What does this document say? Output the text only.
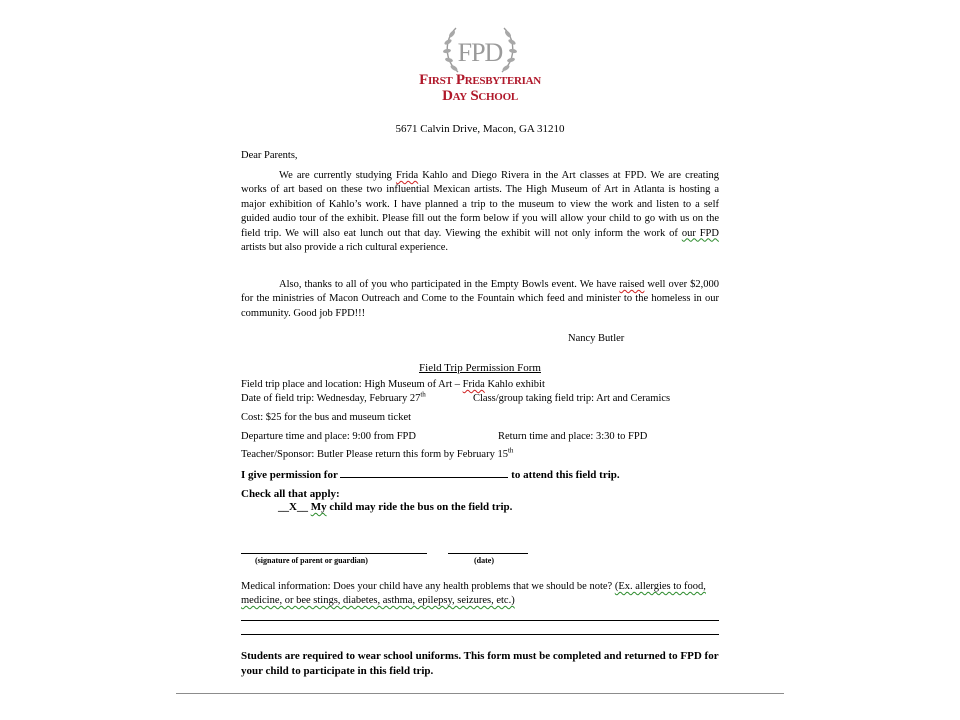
FPD
First Presbyterian
Day School
5671 Calvin Drive, Macon, GA 31210
Dear Parents,
We are currently studying Frida Kahlo and Diego Rivera in the Art classes at FPD. We are creating works of art based on these two influential Mexican artists. The High Museum of Art in Atlanta is hosting a major exhibition of Kahlo’s work. I have planned a trip to the museum to view the work and listen to a self guided audio tour of the exhibit. Please fill out the form below if you will allow your child to go with us on the field trip. We will also eat lunch out that day. Viewing the exhibit will not only inform the work of our FPD artists but also provide a rich cultural experience.
Also, thanks to all of you who participated in the Empty Bowls event. We have raised well over $2,000 for the ministries of Macon Outreach and Come to the Fountain which feed and minister to the homeless in our community. Good job FPD!!!
Nancy Butler
Field Trip Permission Form
Field trip place and location: High Museum of Art – Frida Kahlo exhibit
Date of field trip: Wednesday, February 27th	Class/group taking field trip: Art and Ceramics
Cost: $25 for the bus and museum ticket
Departure time and place: 9:00 from FPD	Return time and place: 3:30 to FPD
Teacher/Sponsor: Butler Please return this form by February 15th
I give permission for	to attend this field trip.
Check all that apply:
__X__ My child may ride the bus on the field trip.
(signature of parent or guardian)	(date)
Medical information: Does your child have any health problems that we should be note? (Ex. allergies to food, medicine, or bee stings, diabetes, asthma, epilepsy, seizures, etc.)
Students are required to wear school uniforms. This form must be completed and returned to FPD for your child to participate in this field trip.
